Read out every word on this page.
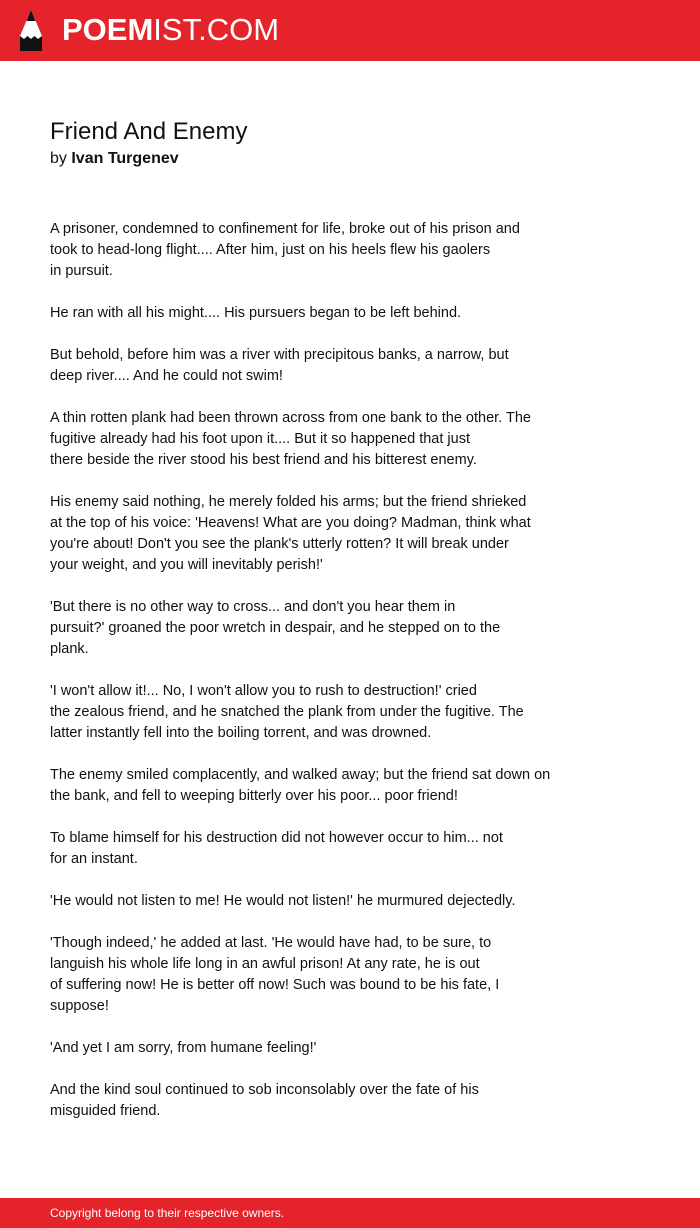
POEMIST.COM
Friend And Enemy
by Ivan Turgenev
A prisoner, condemned to confinement for life, broke out of his prison and
took to head-long flight.... After him, just on his heels flew his gaolers
in pursuit.
He ran with all his might.... His pursuers began to be left behind.
But behold, before him was a river with precipitous banks, a narrow, but
deep river.... And he could not swim!
A thin rotten plank had been thrown across from one bank to the other. The
fugitive already had his foot upon it.... But it so happened that just
there beside the river stood his best friend and his bitterest enemy.
His enemy said nothing, he merely folded his arms; but the friend shrieked
at the top of his voice: 'Heavens! What are you doing? Madman, think what
you're about! Don't you see the plank's utterly rotten? It will break under
your weight, and you will inevitably perish!'
'But there is no other way to cross... and don't you hear them in
pursuit?' groaned the poor wretch in despair, and he stepped on to the
plank.
'I won't allow it!... No, I won't allow you to rush to destruction!' cried
the zealous friend, and he snatched the plank from under the fugitive. The
latter instantly fell into the boiling torrent, and was drowned.
The enemy smiled complacently, and walked away; but the friend sat down on
the bank, and fell to weeping bitterly over his poor... poor friend!
To blame himself for his destruction did not however occur to him... not
for an instant.
'He would not listen to me! He would not listen!' he murmured dejectedly.
'Though indeed,' he added at last. 'He would have had, to be sure, to
languish his whole life long in an awful prison! At any rate, he is out
of suffering now! He is better off now! Such was bound to be his fate, I
suppose!
'And yet I am sorry, from humane feeling!'
And the kind soul continued to sob inconsolably over the fate of his
misguided friend.
Copyright belong to their respective owners.
